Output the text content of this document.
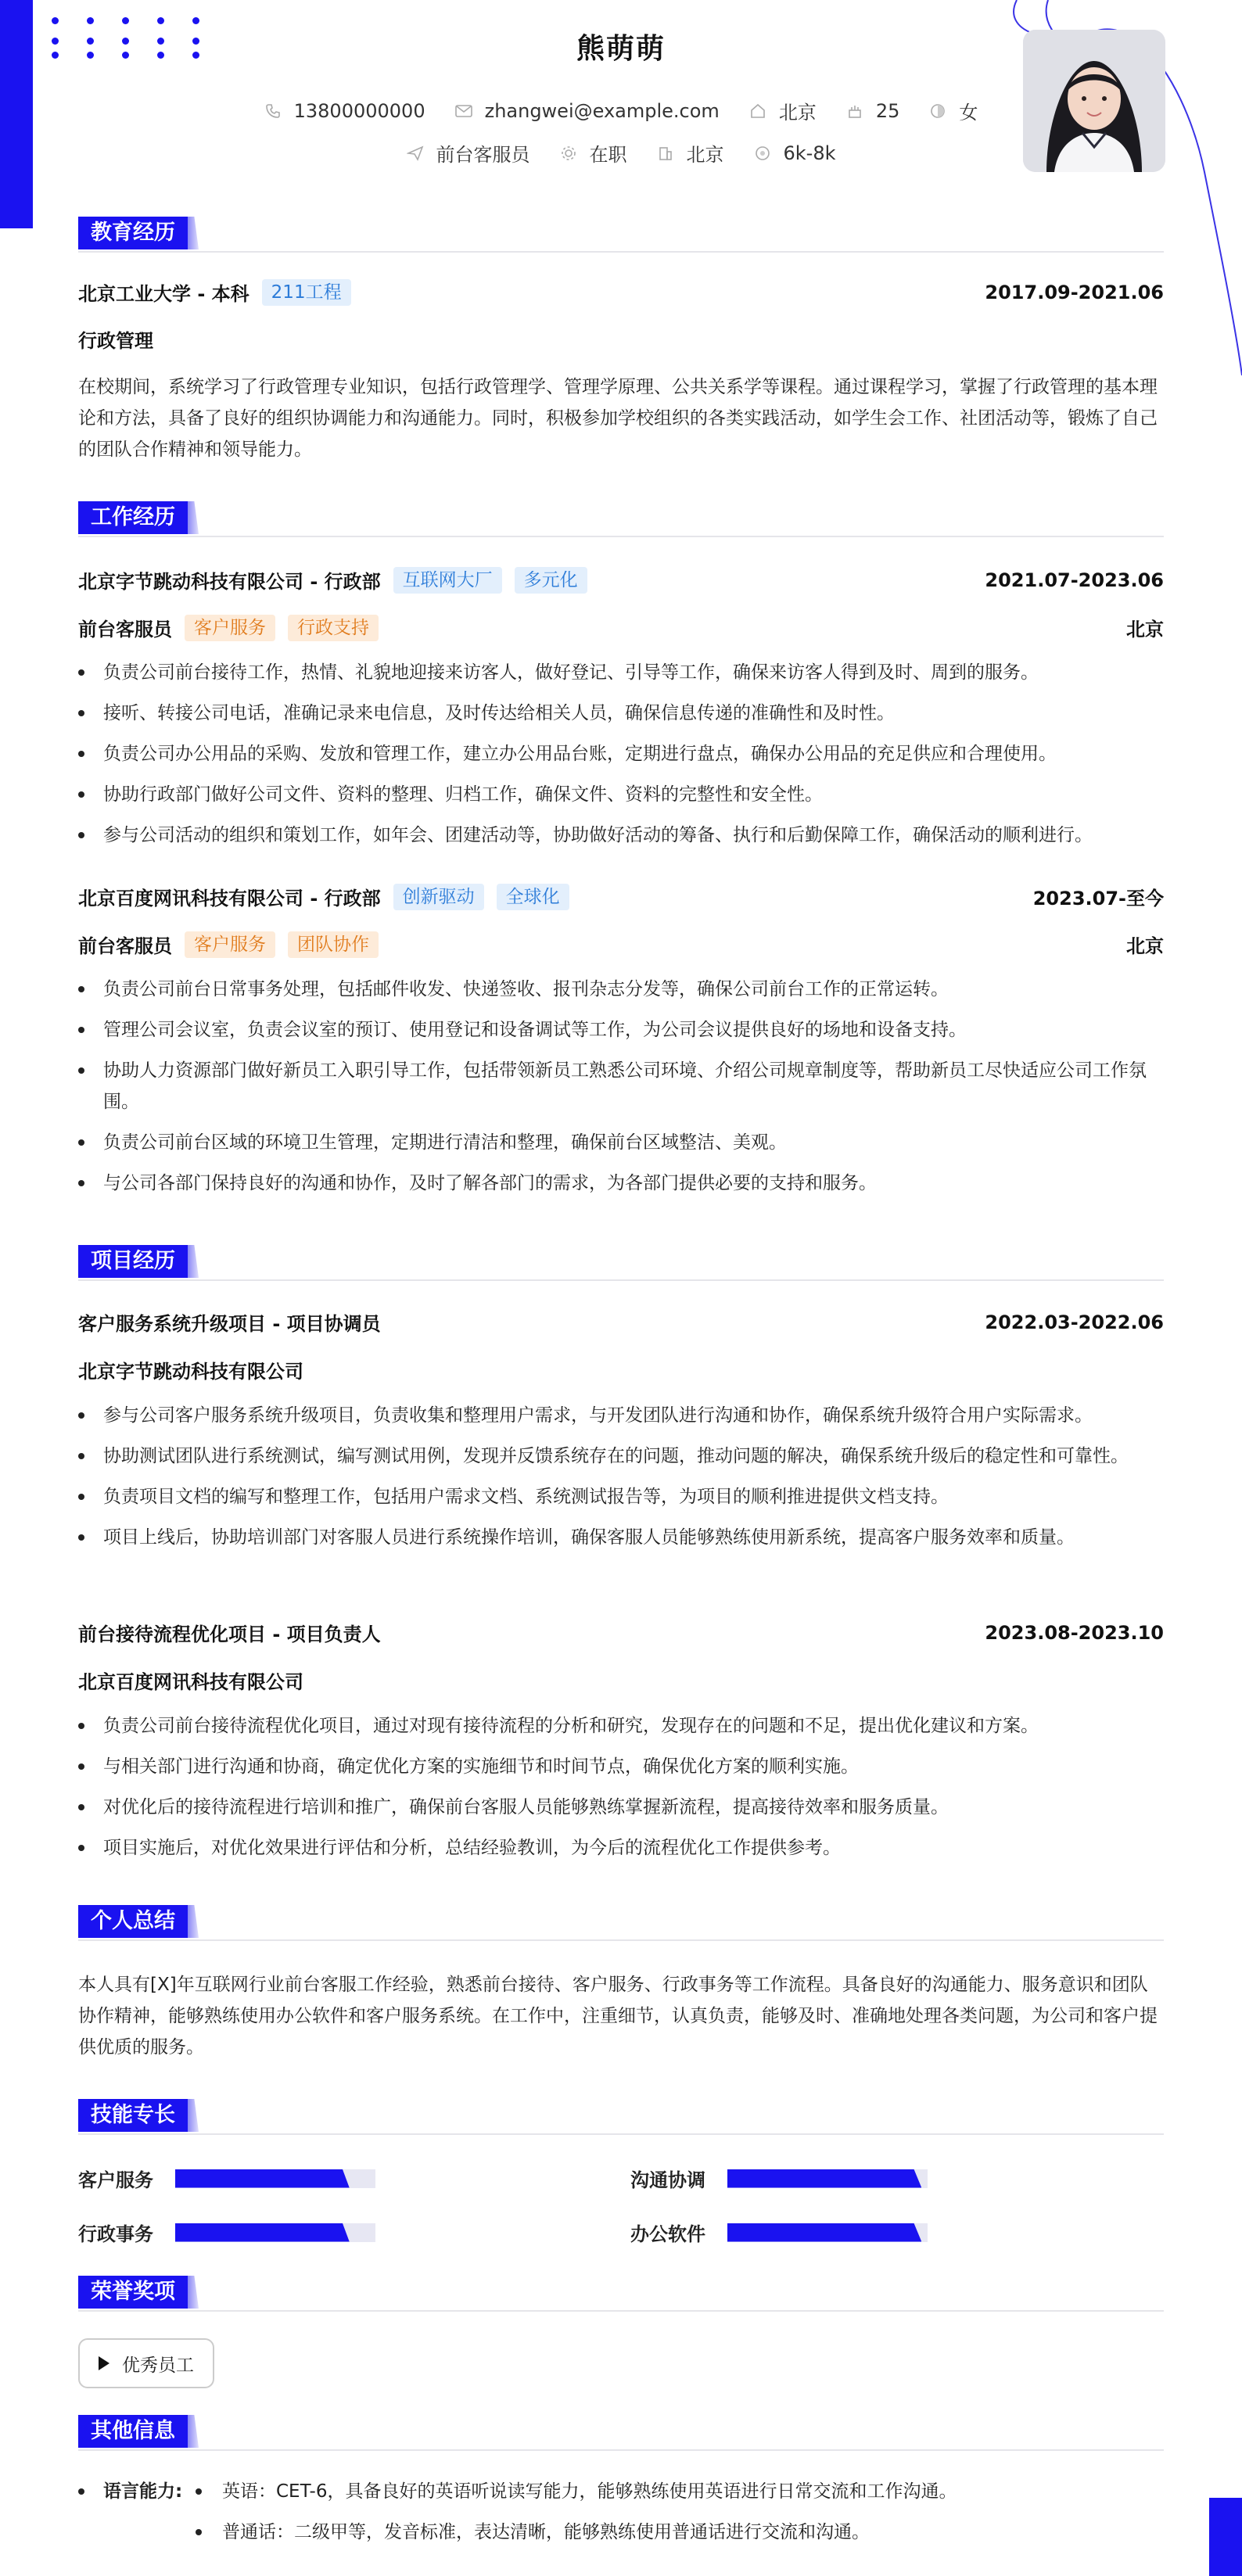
熊萌萌
13800000000	zhangwei@example.com	北京	25	女
前台客服员	在职	北京	6k-8k
教育经历
北京工业大学 - 本科	211工程	2017.09-2021.06
行政管理
在校期间，系统学习了行政管理专业知识，包括行政管理学、管理学原理、公共关系学等课程。通过课程学习，掌握了行政管理的基本理论和方法，具备了良好的组织协调能力和沟通能力。同时，积极参加学校组织的各类实践活动，如学生会工作、社团活动等，锻炼了自己的团队合作精神和领导能力。
工作经历
北京字节跳动科技有限公司 - 行政部	互联网大厂	多元化	2021.07-2023.06
前台客服员	客户服务	行政支持	北京
负责公司前台接待工作，热情、礼貌地迎接来访客人，做好登记、引导等工作，确保来访客人得到及时、周到的服务。
接听、转接公司电话，准确记录来电信息，及时传达给相关人员，确保信息传递的准确性和及时性。
负责公司办公用品的采购、发放和管理工作，建立办公用品台账，定期进行盘点，确保办公用品的充足供应和合理使用。
协助行政部门做好公司文件、资料的整理、归档工作，确保文件、资料的完整性和安全性。
参与公司活动的组织和策划工作，如年会、团建活动等，协助做好活动的筹备、执行和后勤保障工作，确保活动的顺利进行。
北京百度网讯科技有限公司 - 行政部	创新驱动	全球化	2023.07-至今
前台客服员	客户服务	团队协作	北京
负责公司前台日常事务处理，包括邮件收发、快递签收、报刊杂志分发等，确保公司前台工作的正常运转。
管理公司会议室，负责会议室的预订、使用登记和设备调试等工作，为公司会议提供良好的场地和设备支持。
协助人力资源部门做好新员工入职引导工作，包括带领新员工熟悉公司环境、介绍公司规章制度等，帮助新员工尽快适应公司工作氛围。
负责公司前台区域的环境卫生管理，定期进行清洁和整理，确保前台区域整洁、美观。
与公司各部门保持良好的沟通和协作，及时了解各部门的需求，为各部门提供必要的支持和服务。
项目经历
客户服务系统升级项目 - 项目协调员	2022.03-2022.06
北京字节跳动科技有限公司
参与公司客户服务系统升级项目，负责收集和整理用户需求，与开发团队进行沟通和协作，确保系统升级符合用户实际需求。
协助测试团队进行系统测试，编写测试用例，发现并反馈系统存在的问题，推动问题的解决，确保系统升级后的稳定性和可靠性。
负责项目文档的编写和整理工作，包括用户需求文档、系统测试报告等，为项目的顺利推进提供文档支持。
项目上线后，协助培训部门对客服人员进行系统操作培训，确保客服人员能够熟练使用新系统，提高客户服务效率和质量。
前台接待流程优化项目 - 项目负责人	2023.08-2023.10
北京百度网讯科技有限公司
负责公司前台接待流程优化项目，通过对现有接待流程的分析和研究，发现存在的问题和不足，提出优化建议和方案。
与相关部门进行沟通和协商，确定优化方案的实施细节和时间节点，确保优化方案的顺利实施。
对优化后的接待流程进行培训和推广，确保前台客服人员能够熟练掌握新流程，提高接待效率和服务质量。
项目实施后，对优化效果进行评估和分析，总结经验教训，为今后的流程优化工作提供参考。
个人总结
本人具有[X]年互联网行业前台客服工作经验，熟悉前台接待、客户服务、行政事务等工作流程。具备良好的沟通能力、服务意识和团队协作精神，能够熟练使用办公软件和客户服务系统。在工作中，注重细节，认真负责，能够及时、准确地处理各类问题，为公司和客户提供优质的服务。
技能专长
客户服务	沟通协调
行政事务	办公软件
荣誉奖项
优秀员工
其他信息
语言能力:	英语：CET-6，具备良好的英语听说读写能力，能够熟练使用英语进行日常交流和工作沟通。
普通话：二级甲等，发音标准，表达清晰，能够熟练使用普通话进行交流和沟通。
